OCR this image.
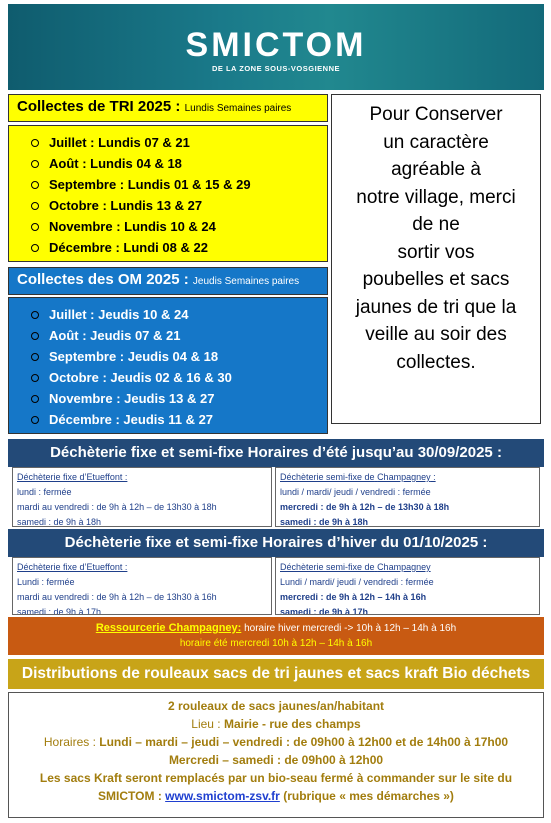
SMICTOM
DE LA ZONE SOUS-VOSGIENNE
Collectes de TRI 2025 : Lundis Semaines paires
Juillet : Lundis 07 & 21
Août : Lundis 04 & 18
Septembre : Lundis 01 & 15 & 29
Octobre : Lundis 13 & 27
Novembre : Lundis 10 & 24
Décembre : Lundi 08 & 22
Collectes des OM 2025 : Jeudis Semaines paires
Juillet : Jeudis 10 & 24
Août : Jeudis 07 & 21
Septembre : Jeudis 04 & 18
Octobre : Jeudis 02 & 16 & 30
Novembre : Jeudis 13 & 27
Décembre : Jeudis 11 & 27
Pour Conserver
un caractère
agréable à
notre village, merci
de ne
sortir vos
poubelles et sacs
jaunes de tri que la
veille au soir des
collectes.
Déchèterie fixe et semi-fixe Horaires d’été jusqu’au 30/09/2025 :
Déchèterie fixe d’Etueffont :
lundi : fermée
mardi au vendredi : de 9h à 12h – de 13h30 à 18h
samedi : de 9h à 18h
Déchèterie semi-fixe de Champagney :
lundi / mardi/ jeudi / vendredi : fermée
mercredi : de 9h à 12h – de 13h30 à 18h
samedi : de 9h à 18h
Déchèterie fixe et semi-fixe Horaires d’hiver du 01/10/2025 :
Déchèterie fixe d’Etueffont :
Lundi : fermée
mardi au vendredi : de 9h à 12h – de 13h30 à 16h
samedi : de 9h à 17h
Déchèterie semi-fixe de Champagney
Lundi / mardi/ jeudi / vendredi : fermée
mercredi : de 9h à 12h – 14h à 16h
samedi : de 9h à 17h
Ressourcerie Champagney: horaire hiver mercredi -> 10h à 12h – 14h à 16h
horaire été mercredi 10h à 12h – 14h à 16h
Distributions de rouleaux sacs de tri jaunes et sacs kraft Bio déchets
2 rouleaux de sacs jaunes/an/habitant
Lieu : Mairie - rue des champs
Horaires : Lundi – mardi – jeudi – vendredi : de 09h00 à 12h00 et de 14h00 à 17h00
Mercredi – samedi : de 09h00 à 12h00
Les sacs Kraft seront remplacés par un bio-seau fermé à commander sur le site du
SMICTOM : www.smictom-zsv.fr (rubrique « mes démarches »)
